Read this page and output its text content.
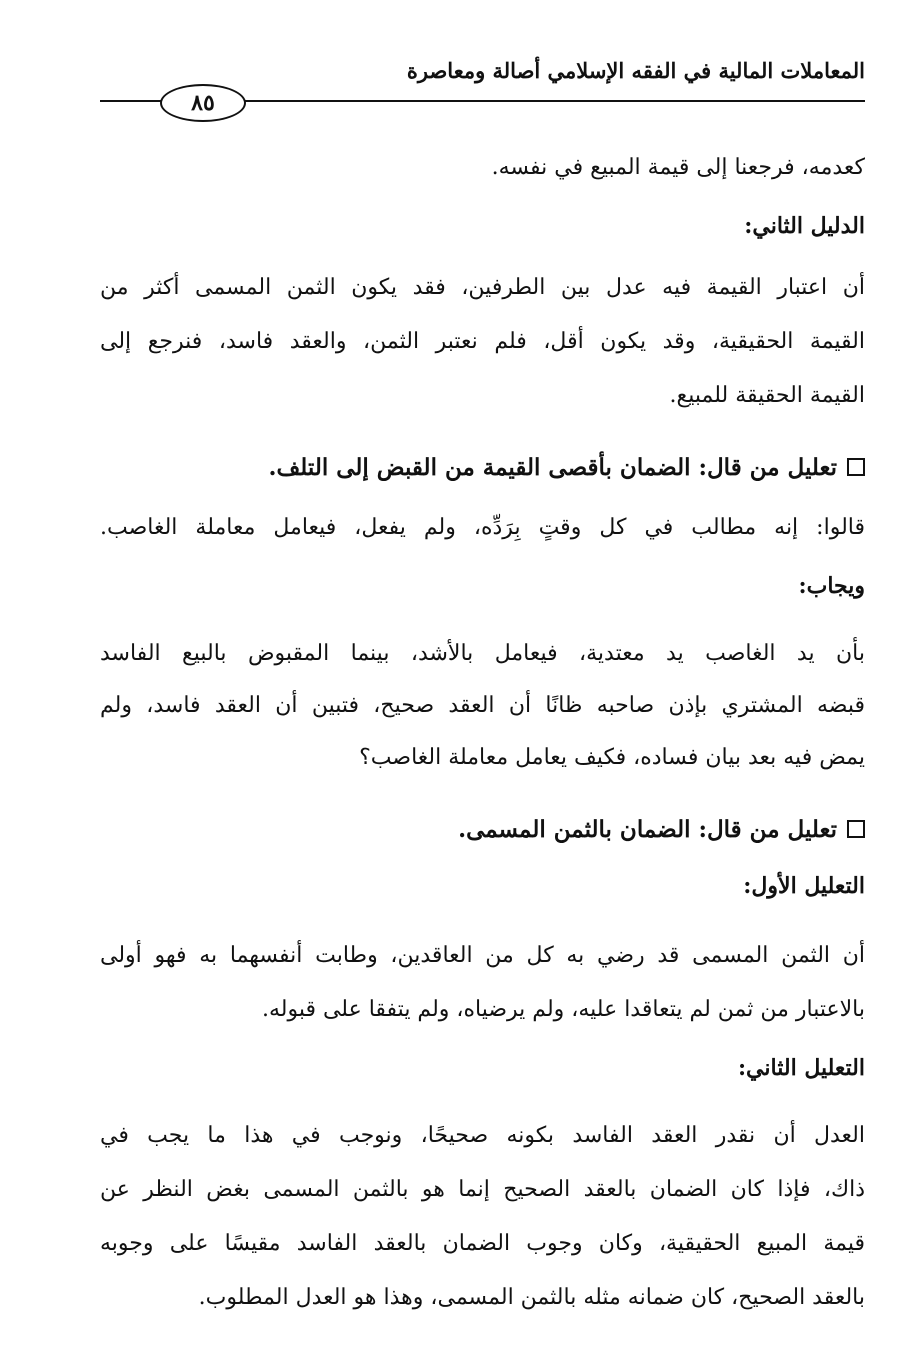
المعاملات المالية في الفقه الإسلامي أصالة ومعاصرة
٨٥
كعدمه، فرجعنا إلى قيمة المبيع في نفسه.
الدليل الثاني:
أن اعتبار القيمة فيه عدل بين الطرفين، فقد يكون الثمن المسمى أكثر من
القيمة الحقيقية، وقد يكون أقل، فلم نعتبر الثمن، والعقد فاسد، فنرجع إلى
القيمة الحقيقة للمبيع.
تعليل من قال: الضمان بأقصى القيمة من القبض إلى التلف.
قالوا: إنه مطالب في كل وقتٍ بِرَدِّه، ولم يفعل، فيعامل معاملة الغاصب.
ويجاب:
بأن يد الغاصب يد معتدية، فيعامل بالأشد، بينما المقبوض بالبيع الفاسد
قبضه المشتري بإذن صاحبه ظانًا أن العقد صحيح، فتبين أن العقد فاسد، ولم
يمض فيه بعد بيان فساده، فكيف يعامل معاملة الغاصب؟
تعليل من قال: الضمان بالثمن المسمى.
التعليل الأول:
أن الثمن المسمى قد رضي به كل من العاقدين، وطابت أنفسهما به فهو أولى
بالاعتبار من ثمن لم يتعاقدا عليه، ولم يرضياه، ولم يتفقا على قبوله.
التعليل الثاني:
العدل أن نقدر العقد الفاسد بكونه صحيحًا، ونوجب في هذا ما يجب في
ذاك، فإذا كان الضمان بالعقد الصحيح إنما هو بالثمن المسمى بغض النظر عن
قيمة المبيع الحقيقية، وكان وجوب الضمان بالعقد الفاسد مقيسًا على وجوبه
بالعقد الصحيح، كان ضمانه مثله بالثمن المسمى، وهذا هو العدل المطلوب.
